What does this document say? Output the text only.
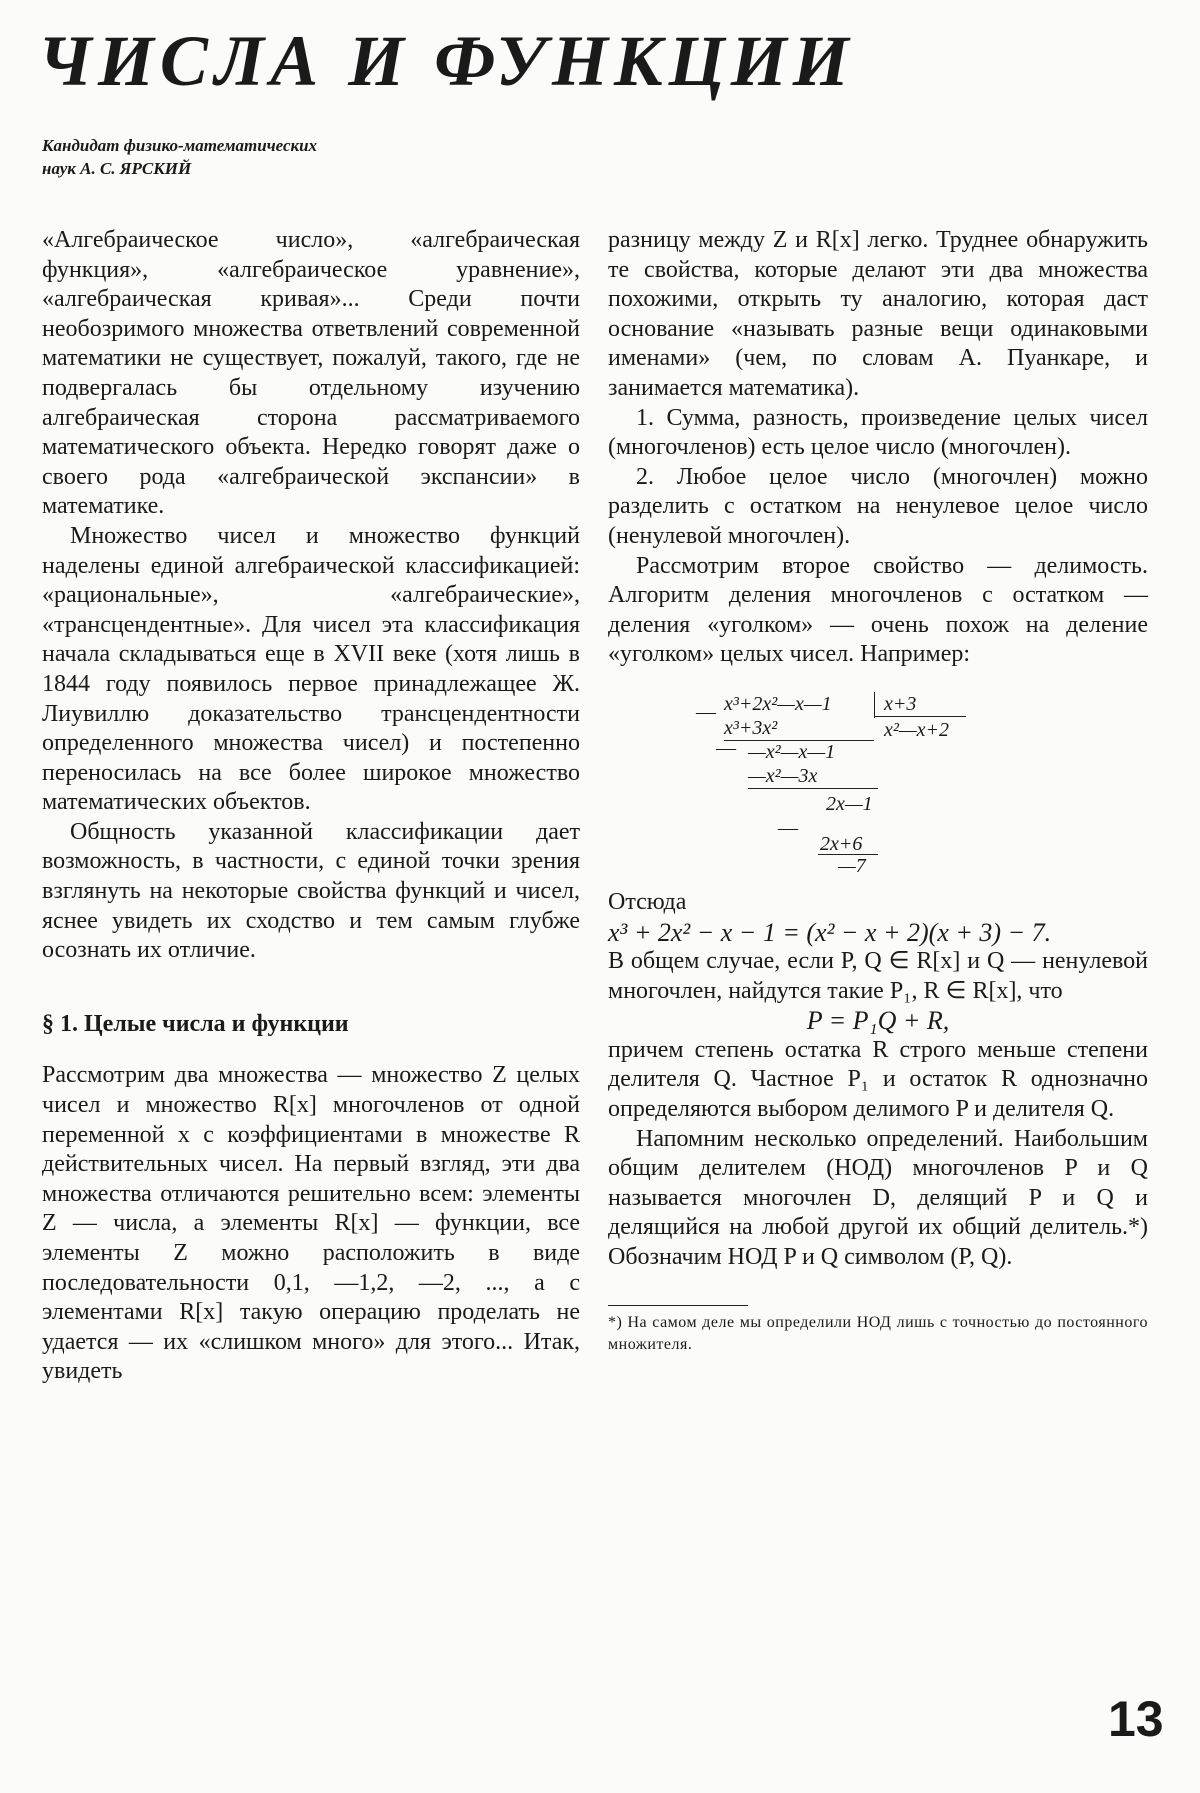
ЧИСЛА И ФУНКЦИИ
Кандидат физико-математических
наук А. С. ЯРСКИЙ

«Алгебраическое число», «алгебраическая функция», «алгебраическое уравнение», «алгебраическая кривая»... Среди почти необозримого множества ответвлений современной математики не существует, пожалуй, такого, где не подвергалась бы отдельному изучению алгебраическая сторона рассматриваемого математического объекта. Нередко говорят даже о своего рода «алгебраической экспансии» в математике.

Множество чисел и множество функций наделены единой алгебраической классификацией: «рациональные», «алгебраические», «трансцендентные». Для чисел эта классификация начала складываться еще в XVII веке (хотя лишь в 1844 году появилось первое принадлежащее Ж. Лиувиллю доказательство трансцендентности определенного множества чисел) и постепенно переносилась на все более широкое множество математических объектов.

Общность указанной классификации дает возможность, в частности, с единой точки зрения взглянуть на некоторые свойства функций и чисел, яснее увидеть их сходство и тем самым глубже осознать их отличие.

§ 1. Целые числа и функции

Рассмотрим два множества — множество Z целых чисел и множество R[x] многочленов от одной переменной x с коэффициентами в множестве R действительных чисел. На первый взгляд, эти два множества отличаются решительно всем: элементы Z — числа, а элементы R[x] — функции, все элементы Z можно расположить в виде последовательности 0,1, —1,2, —2, ..., а с элементами R[x] такую операцию проделать не удается — их «слишком много» для этого... Итак, увидеть

разницу между Z и R[x] легко. Труднее обнаружить те свойства, которые делают эти два множества похожими, открыть ту аналогию, которая даст основание «называть разные вещи одинаковыми именами» (чем, по словам А. Пуанкаре, и занимается математика).

1. Сумма, разность, произведение целых чисел (многочленов) есть целое число (многочлен).

2. Любое целое число (многочлен) можно разделить с остатком на ненулевое целое число (ненулевой многочлен).

Рассмотрим второе свойство — делимость. Алгоритм деления многочленов с остатком — деления «уголком» — очень похож на деление «уголком» целых чисел. Например:

— x³+2x²—x—1	x+3
x³+3x²	x²—x+2
— —x²—x—1
—x²—3x
2x—1
—
2x+6
—7

Отсюда

x³ + 2x² − x − 1 = (x² − x + 2)(x + 3) − 7.

В общем случае, если P, Q ∈ R[x] и Q — ненулевой многочлен, найдутся такие P₁, R ∈ R[x], что

P = P₁Q + R,

причем степень остатка R строго меньше степени делителя Q. Частное P₁ и остаток R однозначно определяются выбором делимого P и делителя Q.

Напомним несколько определений. Наибольшим общим делителем (НОД) многочленов P и Q называется многочлен D, делящий P и Q и делящийся на любой другой их общий делитель.*) Обозначим НОД P и Q символом (P, Q).

*) На самом деле мы определили НОД лишь с точностью до постоянного множителя.

13
